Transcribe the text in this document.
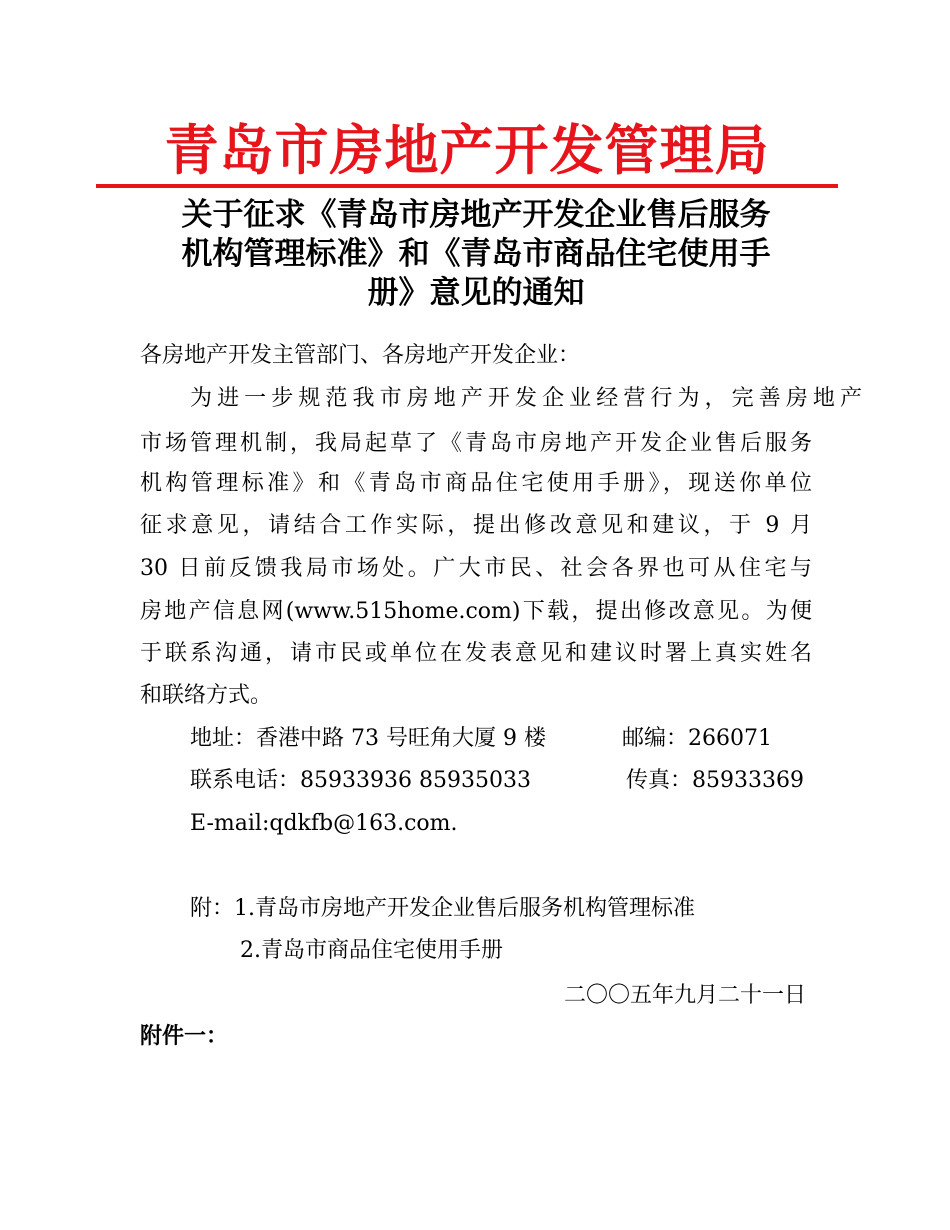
青岛市房地产开发管理局
关于征求《青岛市房地产开发企业售后服务
机构管理标准》和《青岛市商品住宅使用手
册》意见的通知
各房地产开发主管部门、各房地产开发企业：
为进一步规范我市房地产开发企业经营行为，完善房地产
市场管理机制，我局起草了《青岛市房地产开发企业售后服务
机构管理标准》和《青岛市商品住宅使用手册》，现送你单位
征求意见，请结合工作实际，提出修改意见和建议，于 9 月
30 日前反馈我局市场处。广大市民、社会各界也可从住宅与
房地产信息网(www.515home.com)下载，提出修改意见。为便
于联系沟通，请市民或单位在发表意见和建议时署上真实姓名
和联络方式。
地址：香港中路 73 号旺角大厦 9 楼	邮编：266071
联系电话：85933936 85935033	传真：85933369
E-mail:qdkfb@163.com.
附：1.青岛市房地产开发企业售后服务机构管理标准
2.青岛市商品住宅使用手册
二〇〇五年九月二十一日
附件一：
